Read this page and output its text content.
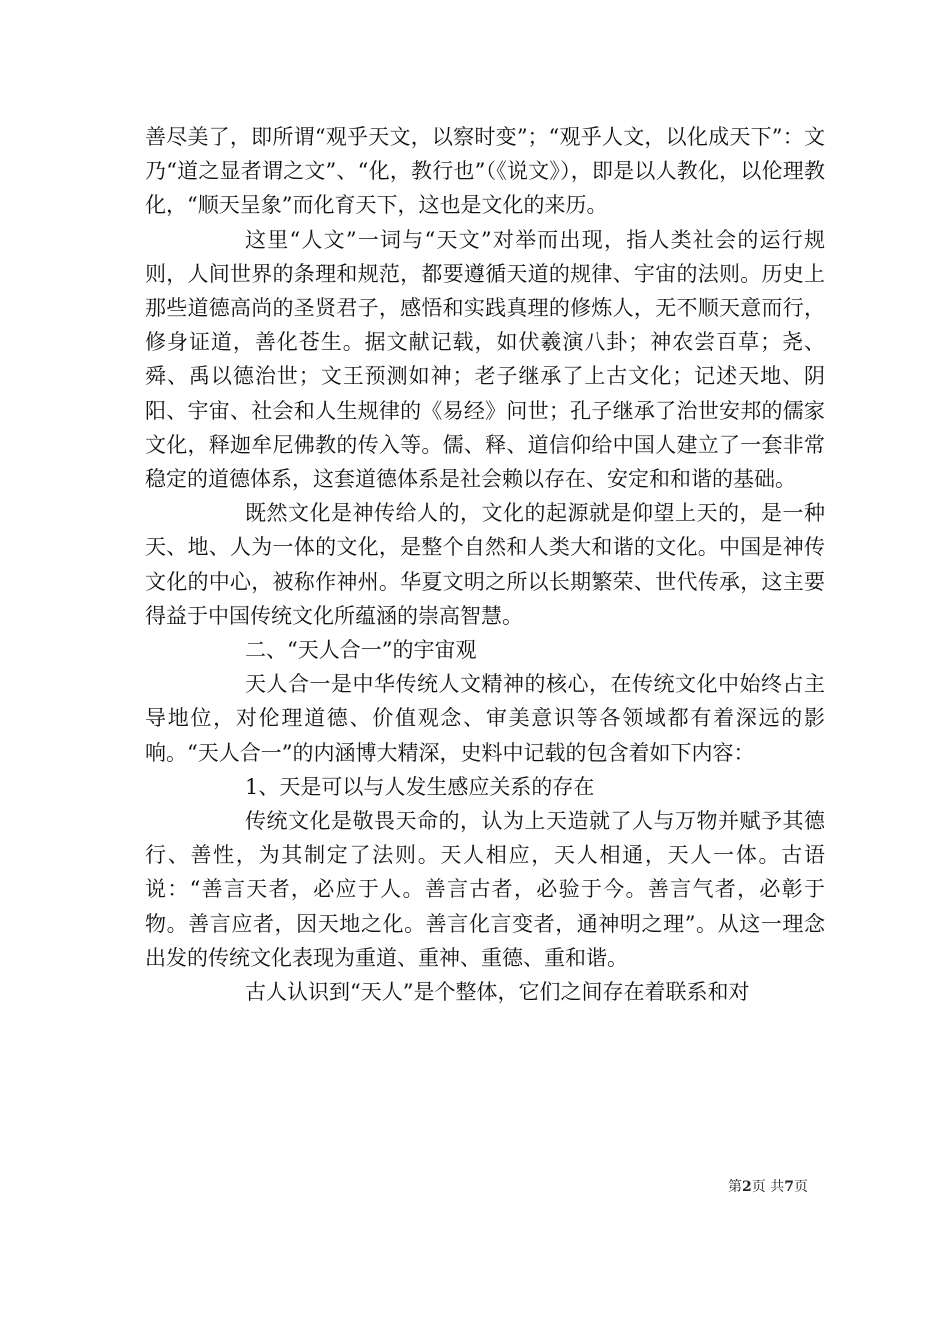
善尽美了，即所谓“观乎天文，以察时变”；“观乎人文，以化成天下”：文乃“道之显者谓之文”、“化，教行也”（《说文》），即是以人教化，以伦理教化，“顺天呈象”而化育天下，这也是文化的来历。

这里“人文”一词与“天文”对举而出现，指人类社会的运行规则，人间世界的条理和规范，都要遵循天道的规律、宇宙的法则。历史上那些道德高尚的圣贤君子，感悟和实践真理的修炼人，无不顺天意而行，修身证道，善化苍生。据文献记载，如伏羲演八卦；神农尝百草；尧、舜、禹以德治世；文王预测如神；老子继承了上古文化；记述天地、阴阳、宇宙、社会和人生规律的《易经》问世；孔子继承了治世安邦的儒家文化，释迦牟尼佛教的传入等。儒、释、道信仰给中国人建立了一套非常稳定的道德体系，这套道德体系是社会赖以存在、安定和和谐的基础。

既然文化是神传给人的，文化的起源就是仰望上天的，是一种天、地、人为一体的文化，是整个自然和人类大和谐的文化。中国是神传文化的中心，被称作神州。华夏文明之所以长期繁荣、世代传承，这主要得益于中国传统文化所蕴涵的崇高智慧。

二、“天人合一”的宇宙观

天人合一是中华传统人文精神的核心，在传统文化中始终占主导地位，对伦理道德、价值观念、审美意识等各领域都有着深远的影响。“天人合一”的内涵博大精深，史料中记载的包含着如下内容：

1、天是可以与人发生感应关系的存在

传统文化是敬畏天命的，认为上天造就了人与万物并赋予其德行、善性，为其制定了法则。天人相应，天人相通，天人一体。古语说：“善言天者，必应于人。善言古者，必验于今。善言气者，必彰于物。善言应者，因天地之化。善言化言变者，通神明之理”。从这一理念出发的传统文化表现为重道、重神、重德、重和谐。

古人认识到“天人”是个整体，它们之间存在着联系和对

第2页 共7页
